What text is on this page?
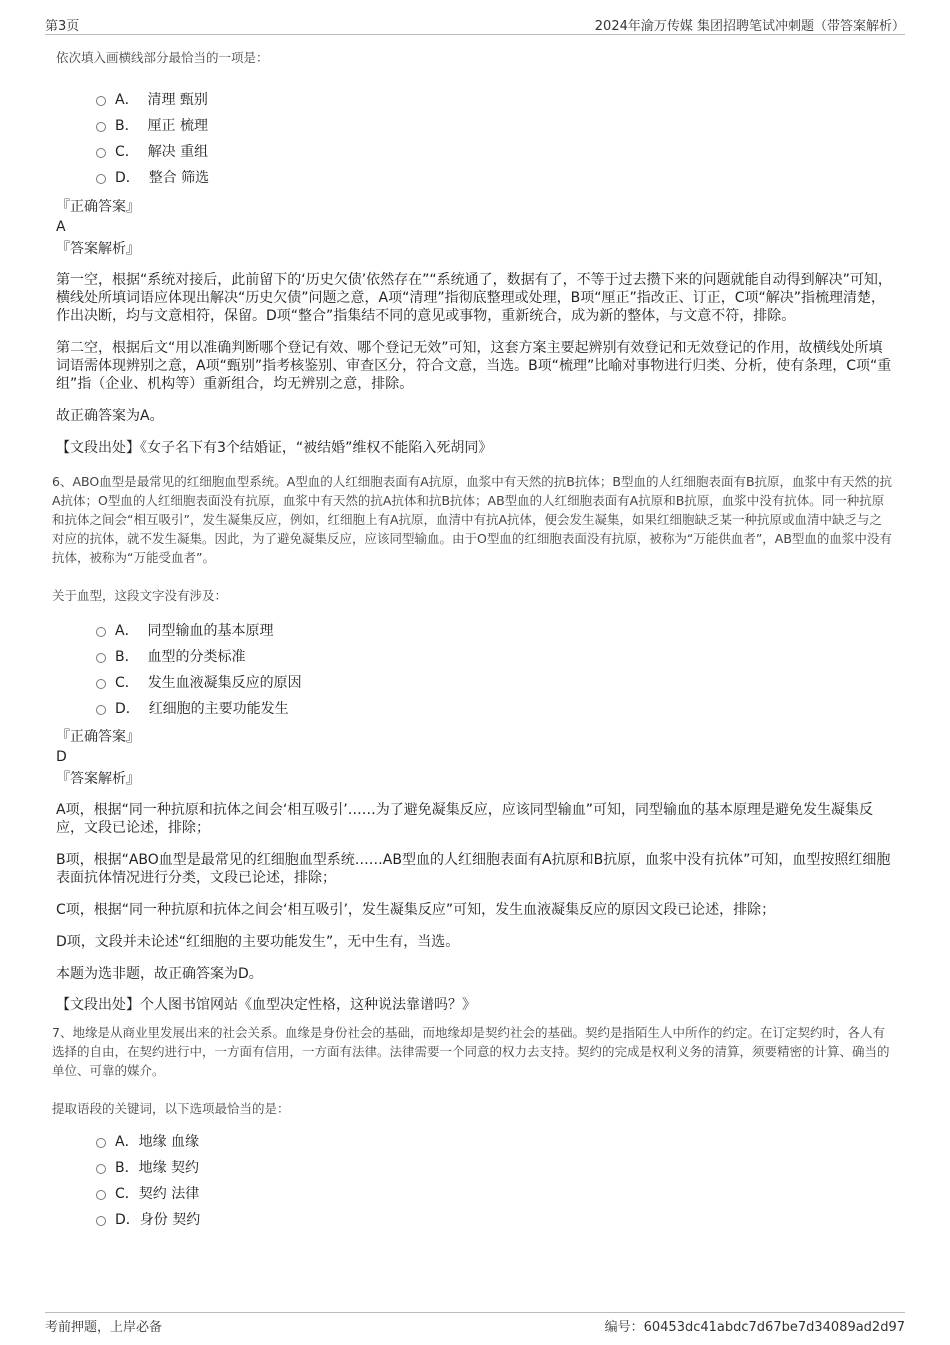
第3页	2024年渝万传媒 集团招聘笔试冲刺题（带答案解析）

依次填入画横线部分最恰当的一项是：

A． 清理 甄别
B． 厘正 梳理
C． 解决 重组
D． 整合 筛选
『正确答案』
A
『答案解析』

第一空，根据“系统对接后，此前留下的‘历史欠债’依然存在”“系统通了，数据有了，不等于过去攒下来的问题就能自动得到解决”可知，横线处所填词语应体现出解决“历史欠债”问题之意，A项“清理”指彻底整理或处理，B项“厘正”指改正、订正，C项“解决”指梳理清楚，作出决断，均与文意相符，保留。D项“整合”指集结不同的意见或事物，重新统合，成为新的整体，与文意不符，排除。

第二空，根据后文“用以准确判断哪个登记有效、哪个登记无效”可知，这套方案主要起辨别有效登记和无效登记的作用，故横线处所填词语需体现辨别之意，A项“甄别”指考核鉴别、审查区分，符合文意，当选。B项“梳理”比喻对事物进行归类、分析，使有条理，C项“重组”指（企业、机构等）重新组合，均无辨别之意，排除。

故正确答案为A。

【文段出处】《女子名下有3个结婚证，“被结婚”维权不能陷入死胡同》
6、ABO血型是最常见的红细胞血型系统。A型血的人红细胞表面有A抗原，血浆中有天然的抗B抗体；B型血的人红细胞表面有B抗原，血浆中有天然的抗A抗体；O型血的人红细胞表面没有抗原，血浆中有天然的抗A抗体和抗B抗体；AB型血的人红细胞表面有A抗原和B抗原，血浆中没有抗体。同一种抗原和抗体之间会“相互吸引”，发生凝集反应，例如，红细胞上有A抗原，血清中有抗A抗体，便会发生凝集，如果红细胞缺乏某一种抗原或血清中缺乏与之对应的抗体，就不发生凝集。因此，为了避免凝集反应，应该同型输血。由于O型血的红细胞表面没有抗原，被称为“万能供血者”，AB型血的血浆中没有抗体，被称为“万能受血者”。

关于血型，这段文字没有涉及：

A． 同型输血的基本原理
B． 血型的分类标准
C． 发生血液凝集反应的原因
D． 红细胞的主要功能发生
『正确答案』
D
『答案解析』

A项，根据“同一种抗原和抗体之间会‘相互吸引’……为了避免凝集反应，应该同型输血”可知，同型输血的基本原理是避免发生凝集反应，文段已论述，排除；

B项，根据“ABO血型是最常见的红细胞血型系统……AB型血的人红细胞表面有A抗原和B抗原，血浆中没有抗体”可知，血型按照红细胞表面抗体情况进行分类，文段已论述，排除；

C项，根据“同一种抗原和抗体之间会‘相互吸引’，发生凝集反应”可知，发生血液凝集反应的原因文段已论述，排除；

D项，文段并未论述“红细胞的主要功能发生”，无中生有，当选。

本题为选非题，故正确答案为D。

【文段出处】个人图书馆网站《血型决定性格，这种说法靠谱吗？》
7、地缘是从商业里发展出来的社会关系。血缘是身份社会的基础，而地缘却是契约社会的基础。契约是指陌生人中所作的约定。在订定契约时，各人有选择的自由，在契约进行中，一方面有信用，一方面有法律。法律需要一个同意的权力去支持。契约的完成是权利义务的清算，须要精密的计算、确当的单位、可靠的媒介。

提取语段的关键词，以下选项最恰当的是：

A．地缘 血缘
B．地缘 契约
C．契约 法律
D．身份 契约
考前押题，上岸必备	编号：60453dc41abdc7d67be7d34089ad2d97
